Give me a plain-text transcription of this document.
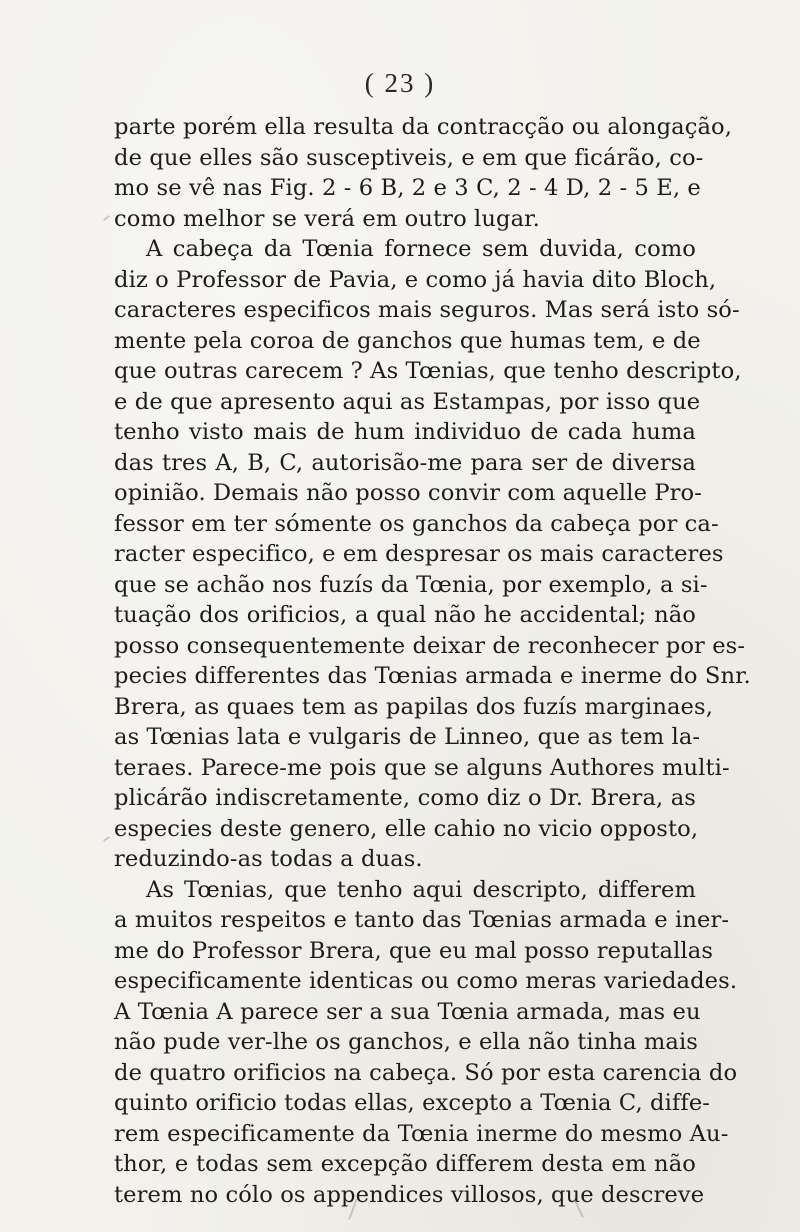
( 23 )
parte porém ella resulta da contracção ou alongação,
de que elles são susceptiveis, e em que ficárão, co-
mo se vê nas Fig. 2 - 6 B, 2 e 3 C, 2 - 4 D, 2 - 5 E, e
como melhor se verá em outro lugar.
A cabeça da Tœnia fornece sem duvida, como
diz o Professor de Pavia, e como já havia dito Bloch,
caracteres especificos mais seguros. Mas será isto só-
mente pela coroa de ganchos que humas tem, e de
que outras carecem ? As Tœnias, que tenho descripto,
e de que apresento aqui as Estampas, por isso que
tenho visto mais de hum individuo de cada huma
das tres A, B, C, autorisão-me para ser de diversa
opinião. Demais não posso convir com aquelle Pro-
fessor em ter sómente os ganchos da cabeça por ca-
racter especifico, e em despresar os mais caracteres
que se achão nos fuzís da Tœnia, por exemplo, a si-
tuação dos orificios, a qual não he accidental; não
posso consequentemente deixar de reconhecer por es-
pecies differentes das Tœnias armada e inerme do Snr.
Brera, as quaes tem as papilas dos fuzís marginaes,
as Tœnias lata e vulgaris de Linneo, que as tem la-
teraes. Parece-me pois que se alguns Authores multi-
plicárão indiscretamente, como diz o Dr. Brera, as
especies deste genero, elle cahio no vicio opposto,
reduzindo-as todas a duas.
As Tœnias, que tenho aqui descripto, differem
a muitos respeitos e tanto das Tœnias armada e iner-
me do Professor Brera, que eu mal posso reputallas
especificamente identicas ou como meras variedades.
A Tœnia A parece ser a sua Tœnia armada, mas eu
não pude ver-lhe os ganchos, e ella não tinha mais
de quatro orificios na cabeça. Só por esta carencia do
quinto orificio todas ellas, excepto a Tœnia C, diffe-
rem especificamente da Tœnia inerme do mesmo Au-
thor, e todas sem excepção differem desta em não
terem no cólo os appendices villosos, que descreve
